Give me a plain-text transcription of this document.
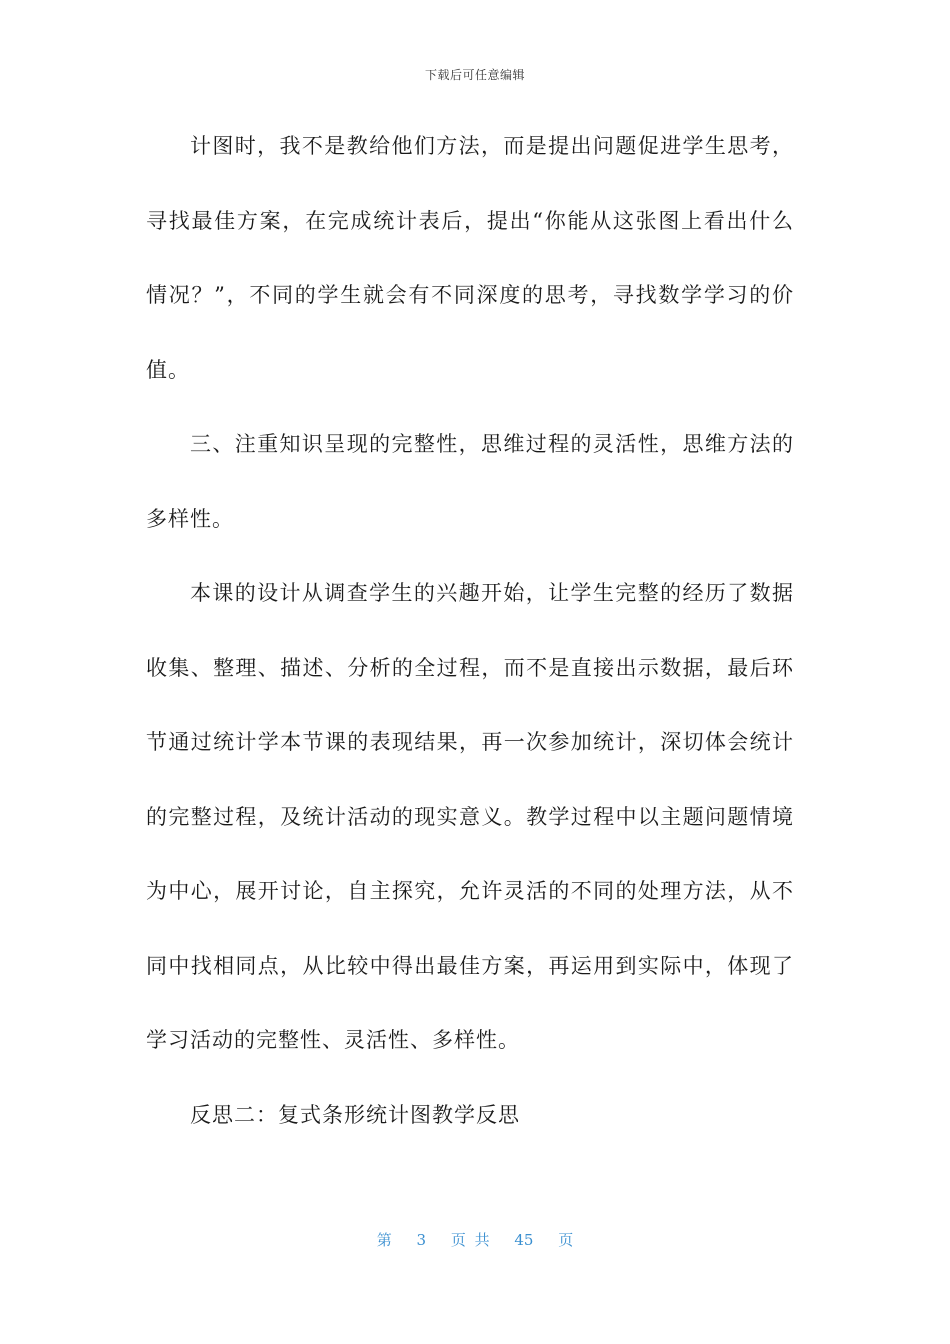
下载后可任意编辑
计图时，我不是教给他们方法，而是提出问题促进学生思考，
寻找最佳方案，在完成统计表后，提出“你能从这张图上看出什么
情况？”，不同的学生就会有不同深度的思考，寻找数学学习的价
值。
三、注重知识呈现的完整性，思维过程的灵活性，思维方法的
多样性。
本课的设计从调查学生的兴趣开始，让学生完整的经历了数据
收集、整理、描述、分析的全过程，而不是直接出示数据，最后环
节通过统计学本节课的表现结果，再一次参加统计，深切体会统计
的完整过程，及统计活动的现实意义。教学过程中以主题问题情境
为中心，展开讨论，自主探究，允许灵活的不同的处理方法，从不
同中找相同点，从比较中得出最佳方案，再运用到实际中，体现了
学习活动的完整性、灵活性、多样性。
反思二：复式条形统计图教学反思
第 3 页 共 45 页
